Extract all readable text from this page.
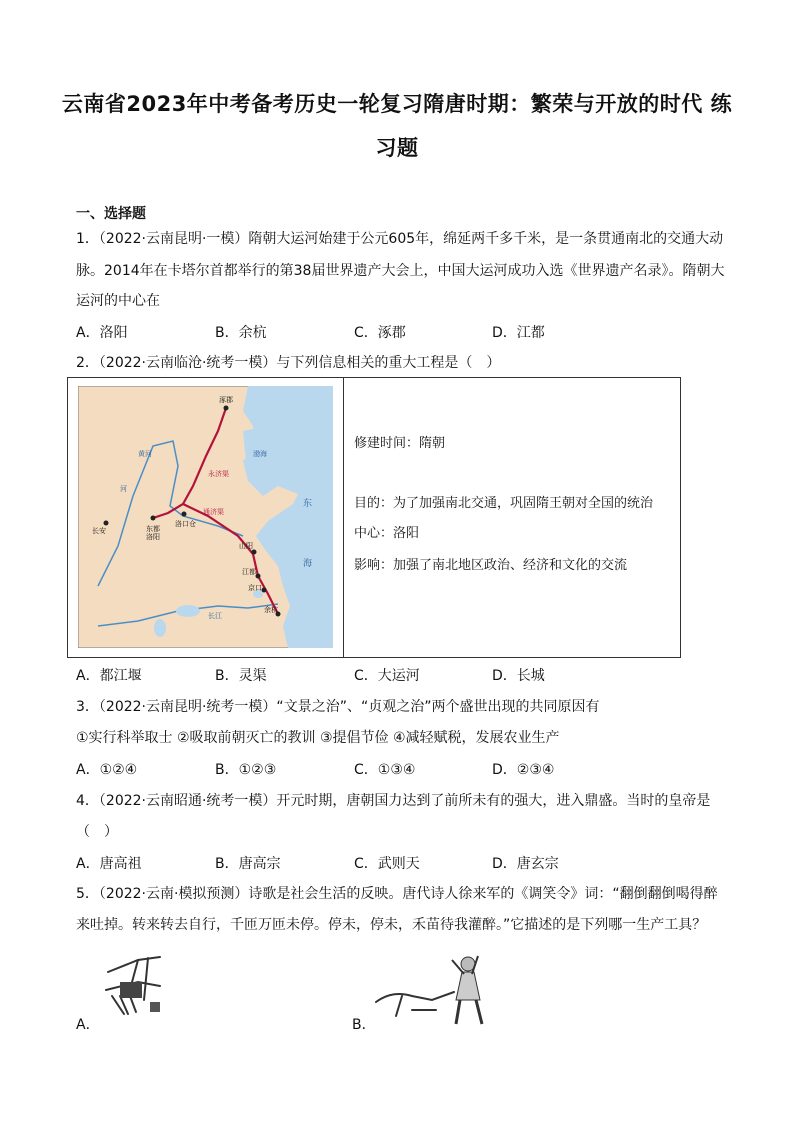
云南省2023年中考备考历史一轮复习隋唐时期：繁荣与开放的时代 练
习题
一、选择题
1．（2022·云南昆明·一模）隋朝大运河始建于公元605年，绵延两千多千米，是一条贯通南北的交通大动
脉。2014年在卡塔尔首都举行的第38届世界遗产大会上，中国大运河成功入选《世界遗产名录》。隋朝大
运河的中心在
A．洛阳	B．余杭	C．涿郡	D．江都
2．（2022·云南临沧·统考一模）与下列信息相关的重大工程是（　）
涿郡
渤海
东
海
永济渠
通济渠
长安	东都
洛阳
洛口仓
山阳
江都
京口
余杭
黄河
河
长江
修建时间：隋朝
目的：为了加强南北交通，巩固隋王朝对全国的统治
中心：洛阳
影响：加强了南北地区政治、经济和文化的交流
A．都江堰	B．灵渠	C．大运河	D．长城
3．（2022·云南昆明·统考一模）“文景之治”、“贞观之治”两个盛世出现的共同原因有
①实行科举取士 ②吸取前朝灭亡的教训 ③提倡节俭 ④减轻赋税，发展农业生产
A．①②④	B．①②③	C．①③④	D．②③④
4．（2022·云南昭通·统考一模）开元时期，唐朝国力达到了前所未有的强大，进入鼎盛。当时的皇帝是
（　）
A．唐高祖	B．唐高宗	C．武则天	D．唐玄宗
5．（2022·云南·模拟预测）诗歌是社会生活的反映。唐代诗人徐来军的《调笑令》词：“翻倒翻倒喝得醉
来吐掉。转来转去自行，千匝万匝未停。停未，停未，禾苗待我灌醉。”它描述的是下列哪一生产工具？
A．	B．
